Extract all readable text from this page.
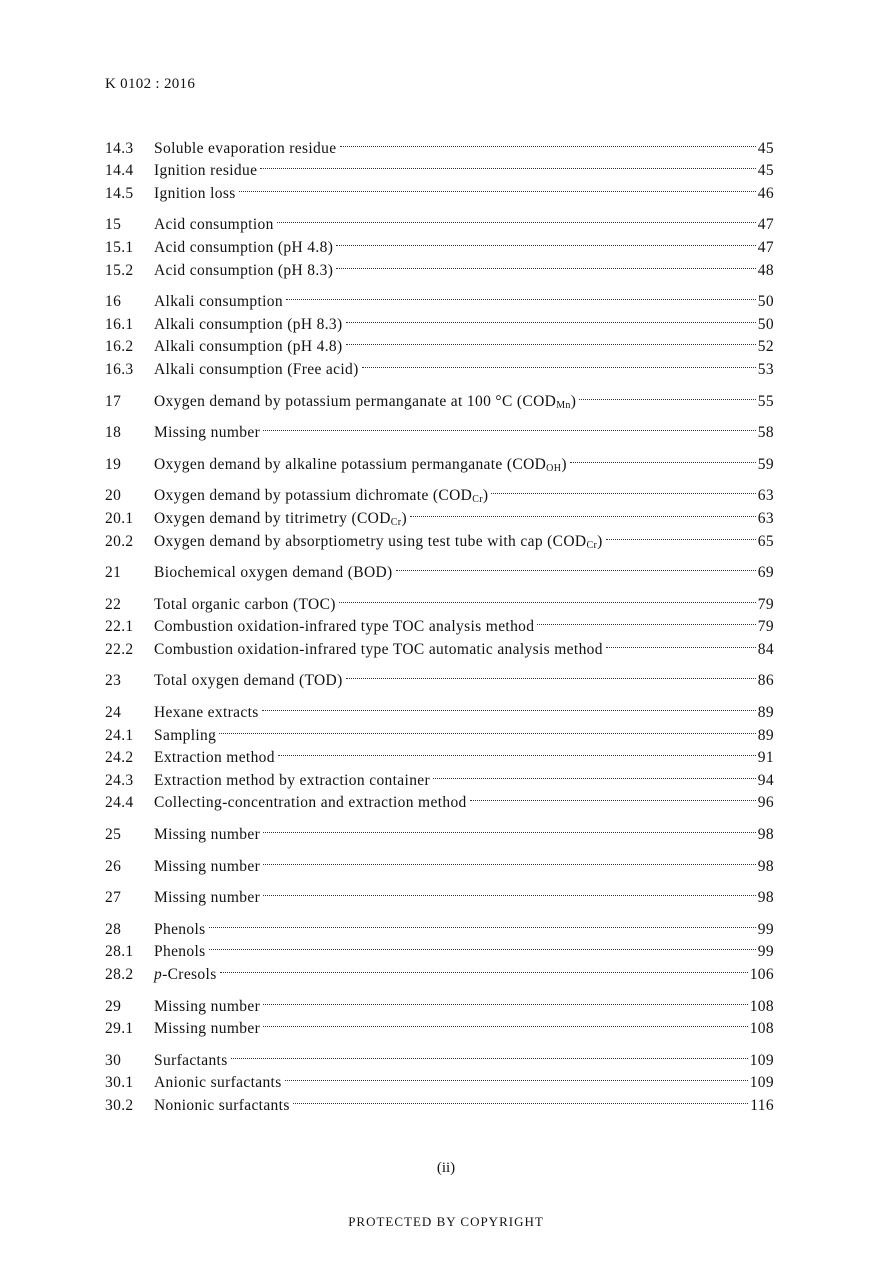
K 0102 : 2016
14.3	Soluble evaporation residue	45
14.4	Ignition residue	45
14.5	Ignition loss	46
15	Acid consumption	47
15.1	Acid consumption (pH 4.8)	47
15.2	Acid consumption (pH 8.3)	48
16	Alkali consumption	50
16.1	Alkali consumption (pH 8.3)	50
16.2	Alkali consumption (pH 4.8)	52
16.3	Alkali consumption (Free acid)	53
17	Oxygen demand by potassium permanganate at 100 °C $(COD_{Mn})$	55
18	Missing number	58
19	Oxygen demand by alkaline potassium permanganate $(COD_{OH})$	59
20	Oxygen demand by potassium dichromate $(COD_{Cr})$	63
20.1	Oxygen demand by titrimetry $(COD_{Cr})$	63
20.2	Oxygen demand by absorptiometry using test tube with cap $(COD_{Cr})$	65
21	Biochemical oxygen demand (BOD)	69
22	Total organic carbon (TOC)	79
22.1	Combustion oxidation-infrared type TOC analysis method	79
22.2	Combustion oxidation-infrared type TOC automatic analysis method	84
23	Total oxygen demand (TOD)	86
24	Hexane extracts	89
24.1	Sampling	89
24.2	Extraction method	91
24.3	Extraction method by extraction container	94
24.4	Collecting-concentration and extraction method	96
25	Missing number	98
26	Missing number	98
27	Missing number	98
28	Phenols	99
28.1	Phenols	99
28.2	p-Cresols	106
29	Missing number	108
29.1	Missing number	108
30	Surfactants	109
30.1	Anionic surfactants	109
30.2	Nonionic surfactants	116
(ii)
PROTECTED BY COPYRIGHT
